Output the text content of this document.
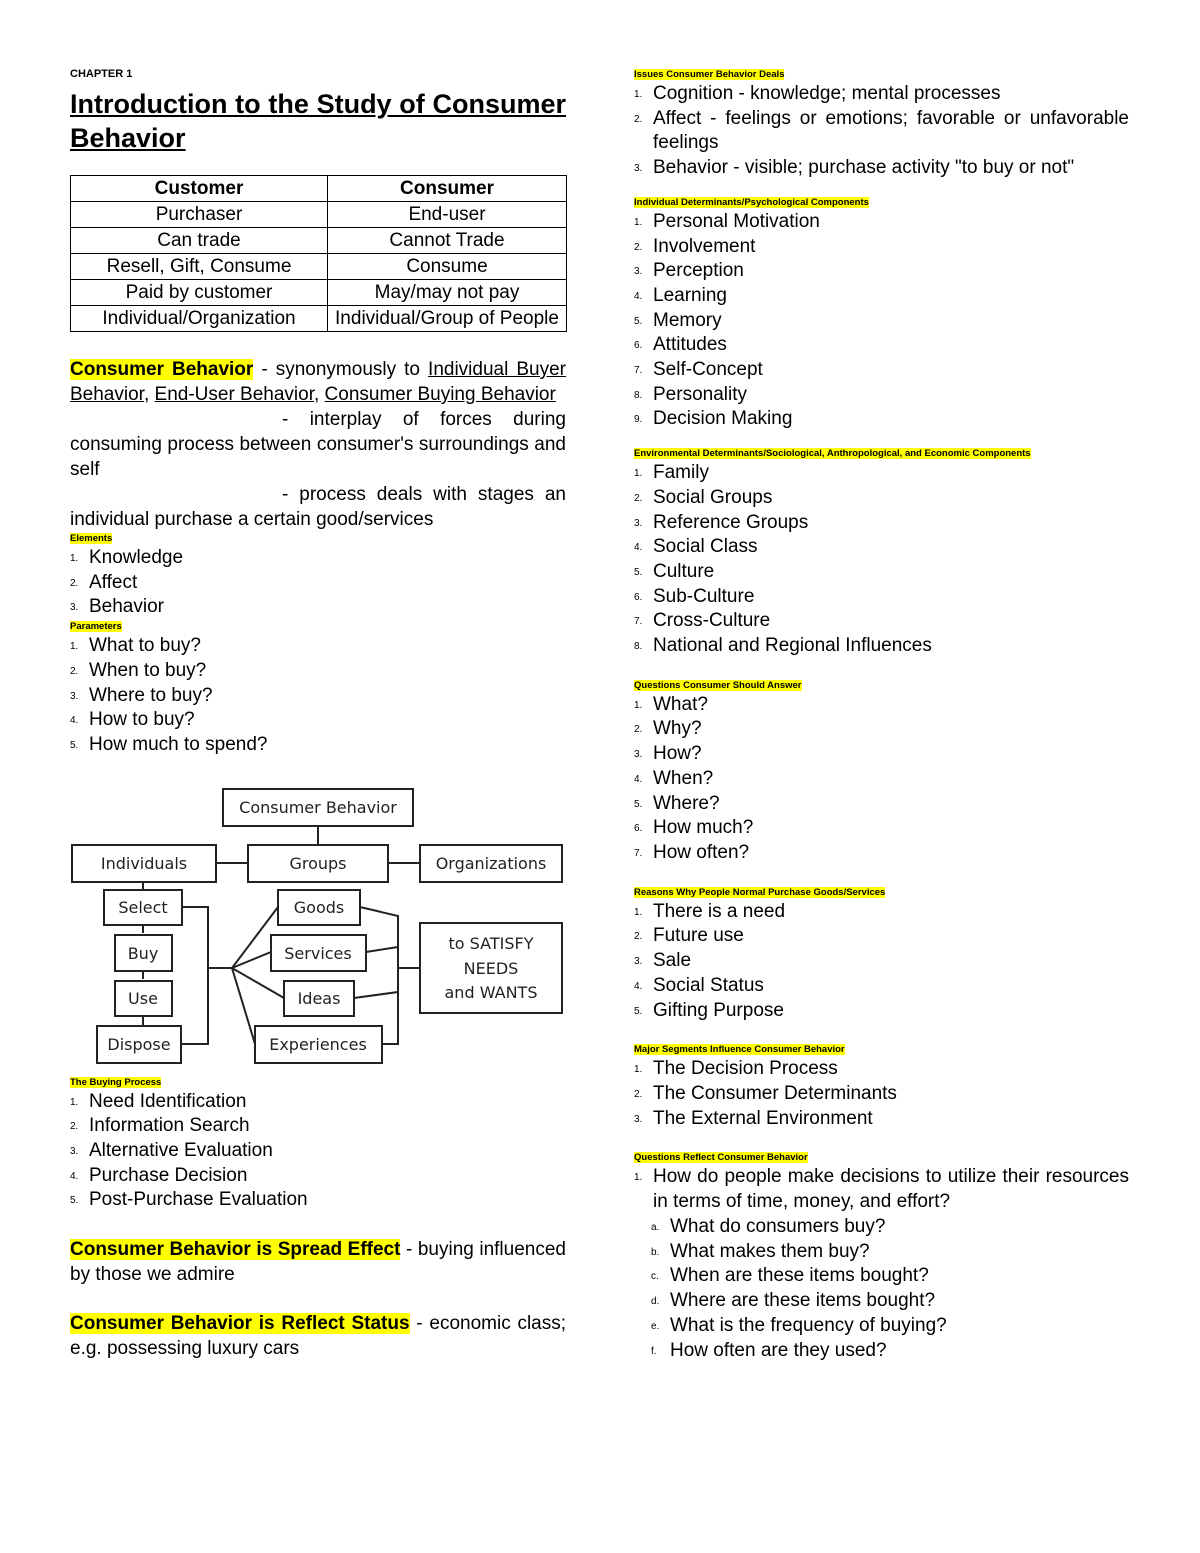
CHAPTER 1

Introduction to the Study of Consumer Behavior
Customer	Consumer
Purchaser	End-user
Can trade	Cannot Trade
Resell, Gift, Consume	Consume
Paid by customer	May/may not pay
Individual/Organization	Individual/Group of People

Consumer Behavior - synonymously to Individual Buyer Behavior, End-User Behavior, Consumer Buying Behavior

- interplay of forces during consuming process between consumer's surroundings and self

- process deals with stages an individual purchase a certain good/services

Elements

1. Knowledge
2. Affect
3. Behavior

Parameters

1. What to buy?
2. When to buy?
3. Where to buy?
4. How to buy?
5. How much to spend?
Consumer Behavior
Individuals	Groups	Organizations
Select
Buy
Use
Dispose
Goods
Services
Ideas
Experiences
to SATISFY
NEEDS
and WANTS

The Buying Process

1. Need Identification
2. Information Search
3. Alternative Evaluation
4. Purchase Decision
5. Post-Purchase Evaluation

Consumer Behavior is Spread Effect - buying influenced by those we admire

Consumer Behavior is Reflect Status - economic class; e.g. possessing luxury cars

Issues Consumer Behavior Deals

1. Cognition - knowledge; mental processes
2. Affect - feelings or emotions; favorable or unfavorable feelings
3. Behavior - visible; purchase activity "to buy or not"

Individual Determinants/Psychological Components

1. Personal Motivation
2. Involvement
3. Perception
4. Learning
5. Memory
6. Attitudes
7. Self-Concept
8. Personality
9. Decision Making

Environmental Determinants/Sociological, Anthropological, and Economic Components

1. Family
2. Social Groups
3. Reference Groups
4. Social Class
5. Culture
6. Sub-Culture
7. Cross-Culture
8. National and Regional Influences

Questions Consumer Should Answer

1. What?
2. Why?
3. How?
4. When?
5. Where?
6. How much?
7. How often?

Reasons Why People Normal Purchase Goods/Services

1. There is a need
2. Future use
3. Sale
4. Social Status
5. Gifting Purpose

Major Segments Influence Consumer Behavior

1. The Decision Process
2. The Consumer Determinants
3. The External Environment

Questions Reflect Consumer Behavior

1. How do people make decisions to utilize their resources in terms of time, money, and effort?
a. What do consumers buy?
b. What makes them buy?
c. When are these items bought?
d. Where are these items bought?
e. What is the frequency of buying?
f. How often are they used?
